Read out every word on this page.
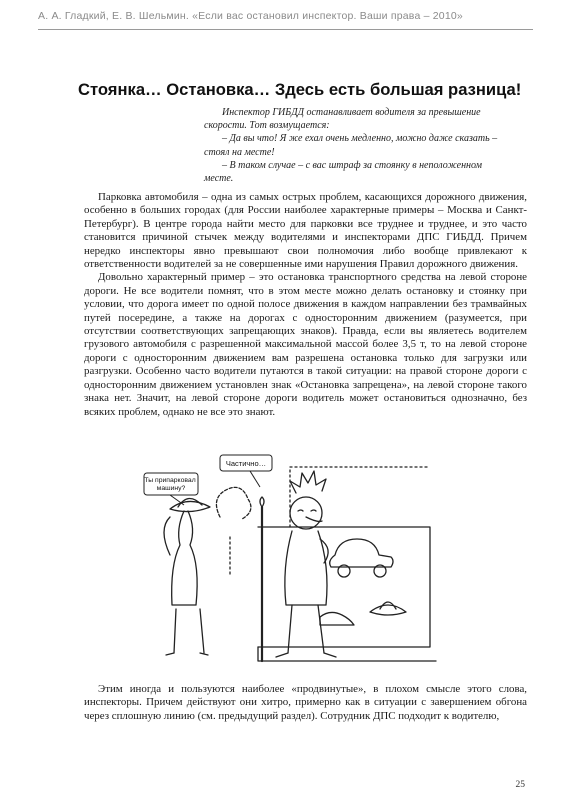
А. А. Гладкий, Е. В. Шельмин. «Если вас остановил инспектор. Ваши права – 2010»
Стоянка… Остановка… Здесь есть большая разница!

Инспектор ГИБДД останавливает водителя за превышение скорости. Тот возмущается:

– Да вы что! Я же ехал очень медленно, можно даже сказать – стоял на месте!

– В таком случае – с вас штраф за стоянку в неположенном месте.

Парковка автомобиля – одна из самых острых проблем, касающихся дорожного движения, особенно в больших городах (для России наиболее характерные примеры – Москва и Санкт-Петербург). В центре города найти место для парковки все труднее и труднее, и это часто становится причиной стычек между водителями и инспекторами ДПС ГИБДД. Причем нередко инспекторы явно превышают свои полномочия либо вообще привлекают к ответственности водителей за не совершенные ими нарушения Правил дорожного движения.

Довольно характерный пример – это остановка транспортного средства на левой стороне дороги. Не все водители помнят, что в этом месте можно делать остановку и стоянку при условии, что дорога имеет по одной полосе движения в каждом направлении без трамвайных путей посередине, а также на дорогах с односторонним движением (разумеется, при отсутствии соответствующих запрещающих знаков). Правда, если вы являетесь водителем грузового автомобиля с разрешенной максимальной массой более 3,5 т, то на левой стороне дороги с односторонним движением вам разрешена остановка только для загрузки или разгрузки. Особенно часто водители путаются в такой ситуации: на правой стороне дороги с односторонним движением установлен знак «Остановка запрещена», на левой стороне такого знака нет. Значит, на левой стороне дороги водитель может остановиться однозначно, без всяких проблем, однако не все это знают.

Частично…
Ты припарковал машину?

Этим иногда и пользуются наиболее «продвинутые», в плохом смысле этого слова, инспекторы. Причем действуют они хитро, примерно как в ситуации с завершением обгона через сплошную линию (см. предыдущий раздел). Сотрудник ДПС подходит к водителю,

25
